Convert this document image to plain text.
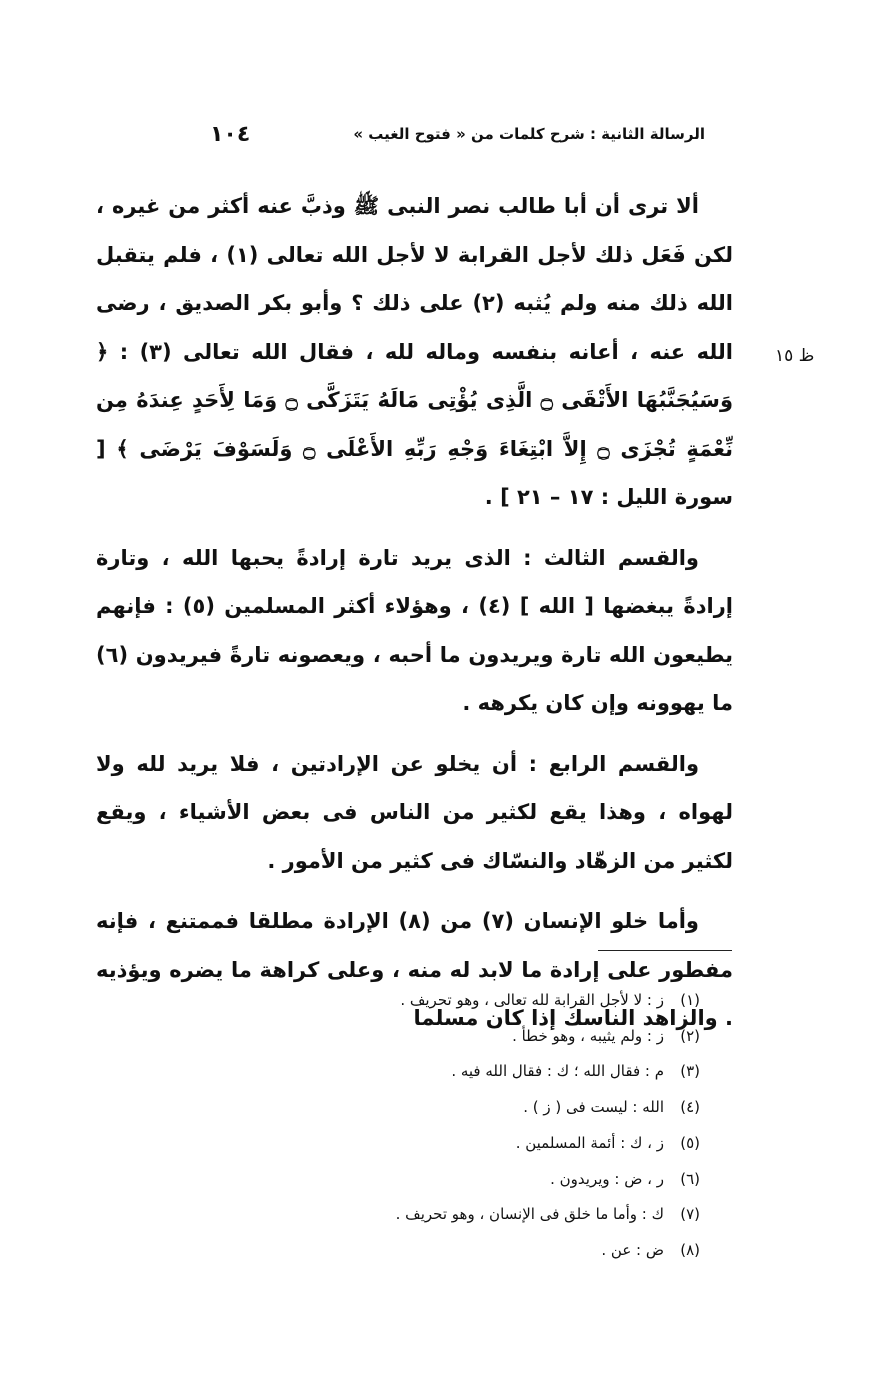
الرسالة الثانية : شرح كلمات من « فتوح الغيب »
١٠٤
ظ ١٥

ألا ترى أن أبا طالب نصر النبى ﷺ وذبَّ عنه أكثر من غيره ، لكن فَعَل ذلك لأجل القرابة لا لأجل الله تعالى (١) ، فلم يتقبل الله ذلك منه ولم يُثبه (٢) على ذلك ؟ وأبو بكر الصديق ، رضى الله عنه ، أعانه بنفسه وماله لله ، فقال الله تعالى (٣) : ﴿ وَسَيُجَنَّبُهَا الأَتْقَى ۝ الَّذِى يُؤْتِى مَالَهُ يَتَزَكَّى ۝ وَمَا لِأَحَدٍ عِندَهُ مِن نِّعْمَةٍ تُجْزَى ۝ إِلاَّ ابْتِغَاءَ وَجْهِ رَبِّهِ الأَعْلَى ۝ وَلَسَوْفَ يَرْضَى ﴾ [ سورة الليل : ١٧ – ٢١ ] .

والقسم الثالث : الذى يريد تارة إرادةً يحبها الله ، وتارة إرادةً يبغضها [ الله ] (٤) ، وهؤلاء أكثر المسلمين (٥) : فإنهم يطيعون الله تارة ويريدون ما أحبه ، ويعصونه تارةً فيريدون (٦) ما يهوونه وإن كان يكرهه .

والقسم الرابع : أن يخلو عن الإرادتين ، فلا يريد لله ولا لهواه ، وهذا يقع لكثير من الناس فى بعض الأشياء ، ويقع لكثير من الزهّاد والنسّاك فى كثير من الأمور .

وأما خلو الإنسان (٧) من (٨) الإرادة مطلقا فممتنع ، فإنه مفطور على إرادة ما لابد له منه ، وعلى كراهة ما يضره ويؤذيه . والزاهد الناسك إذا كان مسلما

(١)
ز : لا لأجل القرابة لله تعالى ، وهو تحريف .
(٢)
ز : ولم يثيبه ، وهو خطأ .
(٣)
م : فقال الله ؛ ك : فقال الله فيه .
(٤)
الله : ليست فى ( ز ) .
(٥)
ز ، ك : أئمة المسلمين .
(٦)
ر ، ض : ويريدون .
(٧)
ك : وأما ما خلق فى الإنسان ، وهو تحريف .
(٨)
ض : عن .
